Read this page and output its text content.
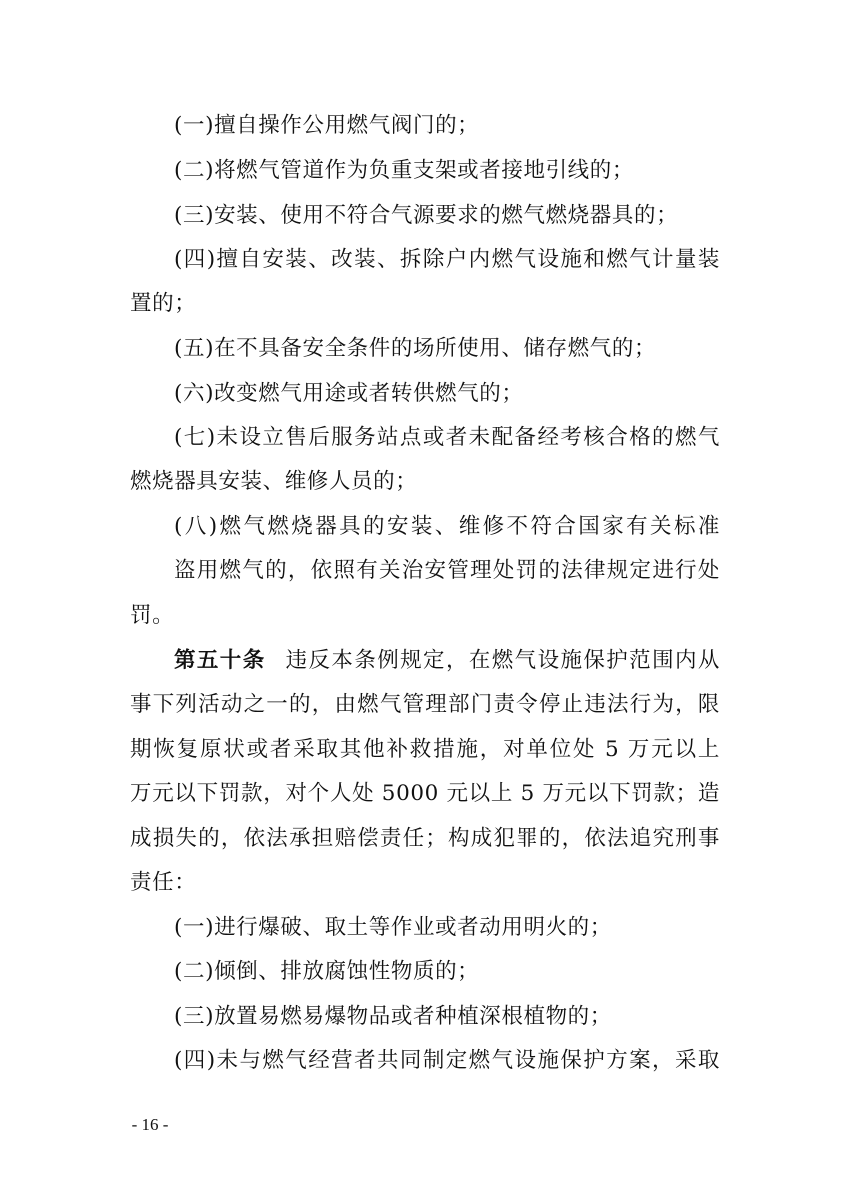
(一)擅自操作公用燃气阀门的；
(二)将燃气管道作为负重支架或者接地引线的；
(三)安装、使用不符合气源要求的燃气燃烧器具的；
(四)擅自安装、改装、拆除户内燃气设施和燃气计量装
置的；
(五)在不具备安全条件的场所使用、储存燃气的；
(六)改变燃气用途或者转供燃气的；
(七)未设立售后服务站点或者未配备经考核合格的燃气
燃烧器具安装、维修人员的；
(八)燃气燃烧器具的安装、维修不符合国家有关标准
盗用燃气的，依照有关治安管理处罚的法律规定进行处
罚。
第五十条 违反本条例规定，在燃气设施保护范围内从
事下列活动之一的，由燃气管理部门责令停止违法行为，限
期恢复原状或者采取其他补救措施，对单位处 5 万元以上
万元以下罚款，对个人处 5000 元以上 5 万元以下罚款；造
成损失的，依法承担赔偿责任；构成犯罪的，依法追究刑事
责任：
(一)进行爆破、取土等作业或者动用明火的；
(二)倾倒、排放腐蚀性物质的；
(三)放置易燃易爆物品或者种植深根植物的；
(四)未与燃气经营者共同制定燃气设施保护方案，采取
- 16 -
